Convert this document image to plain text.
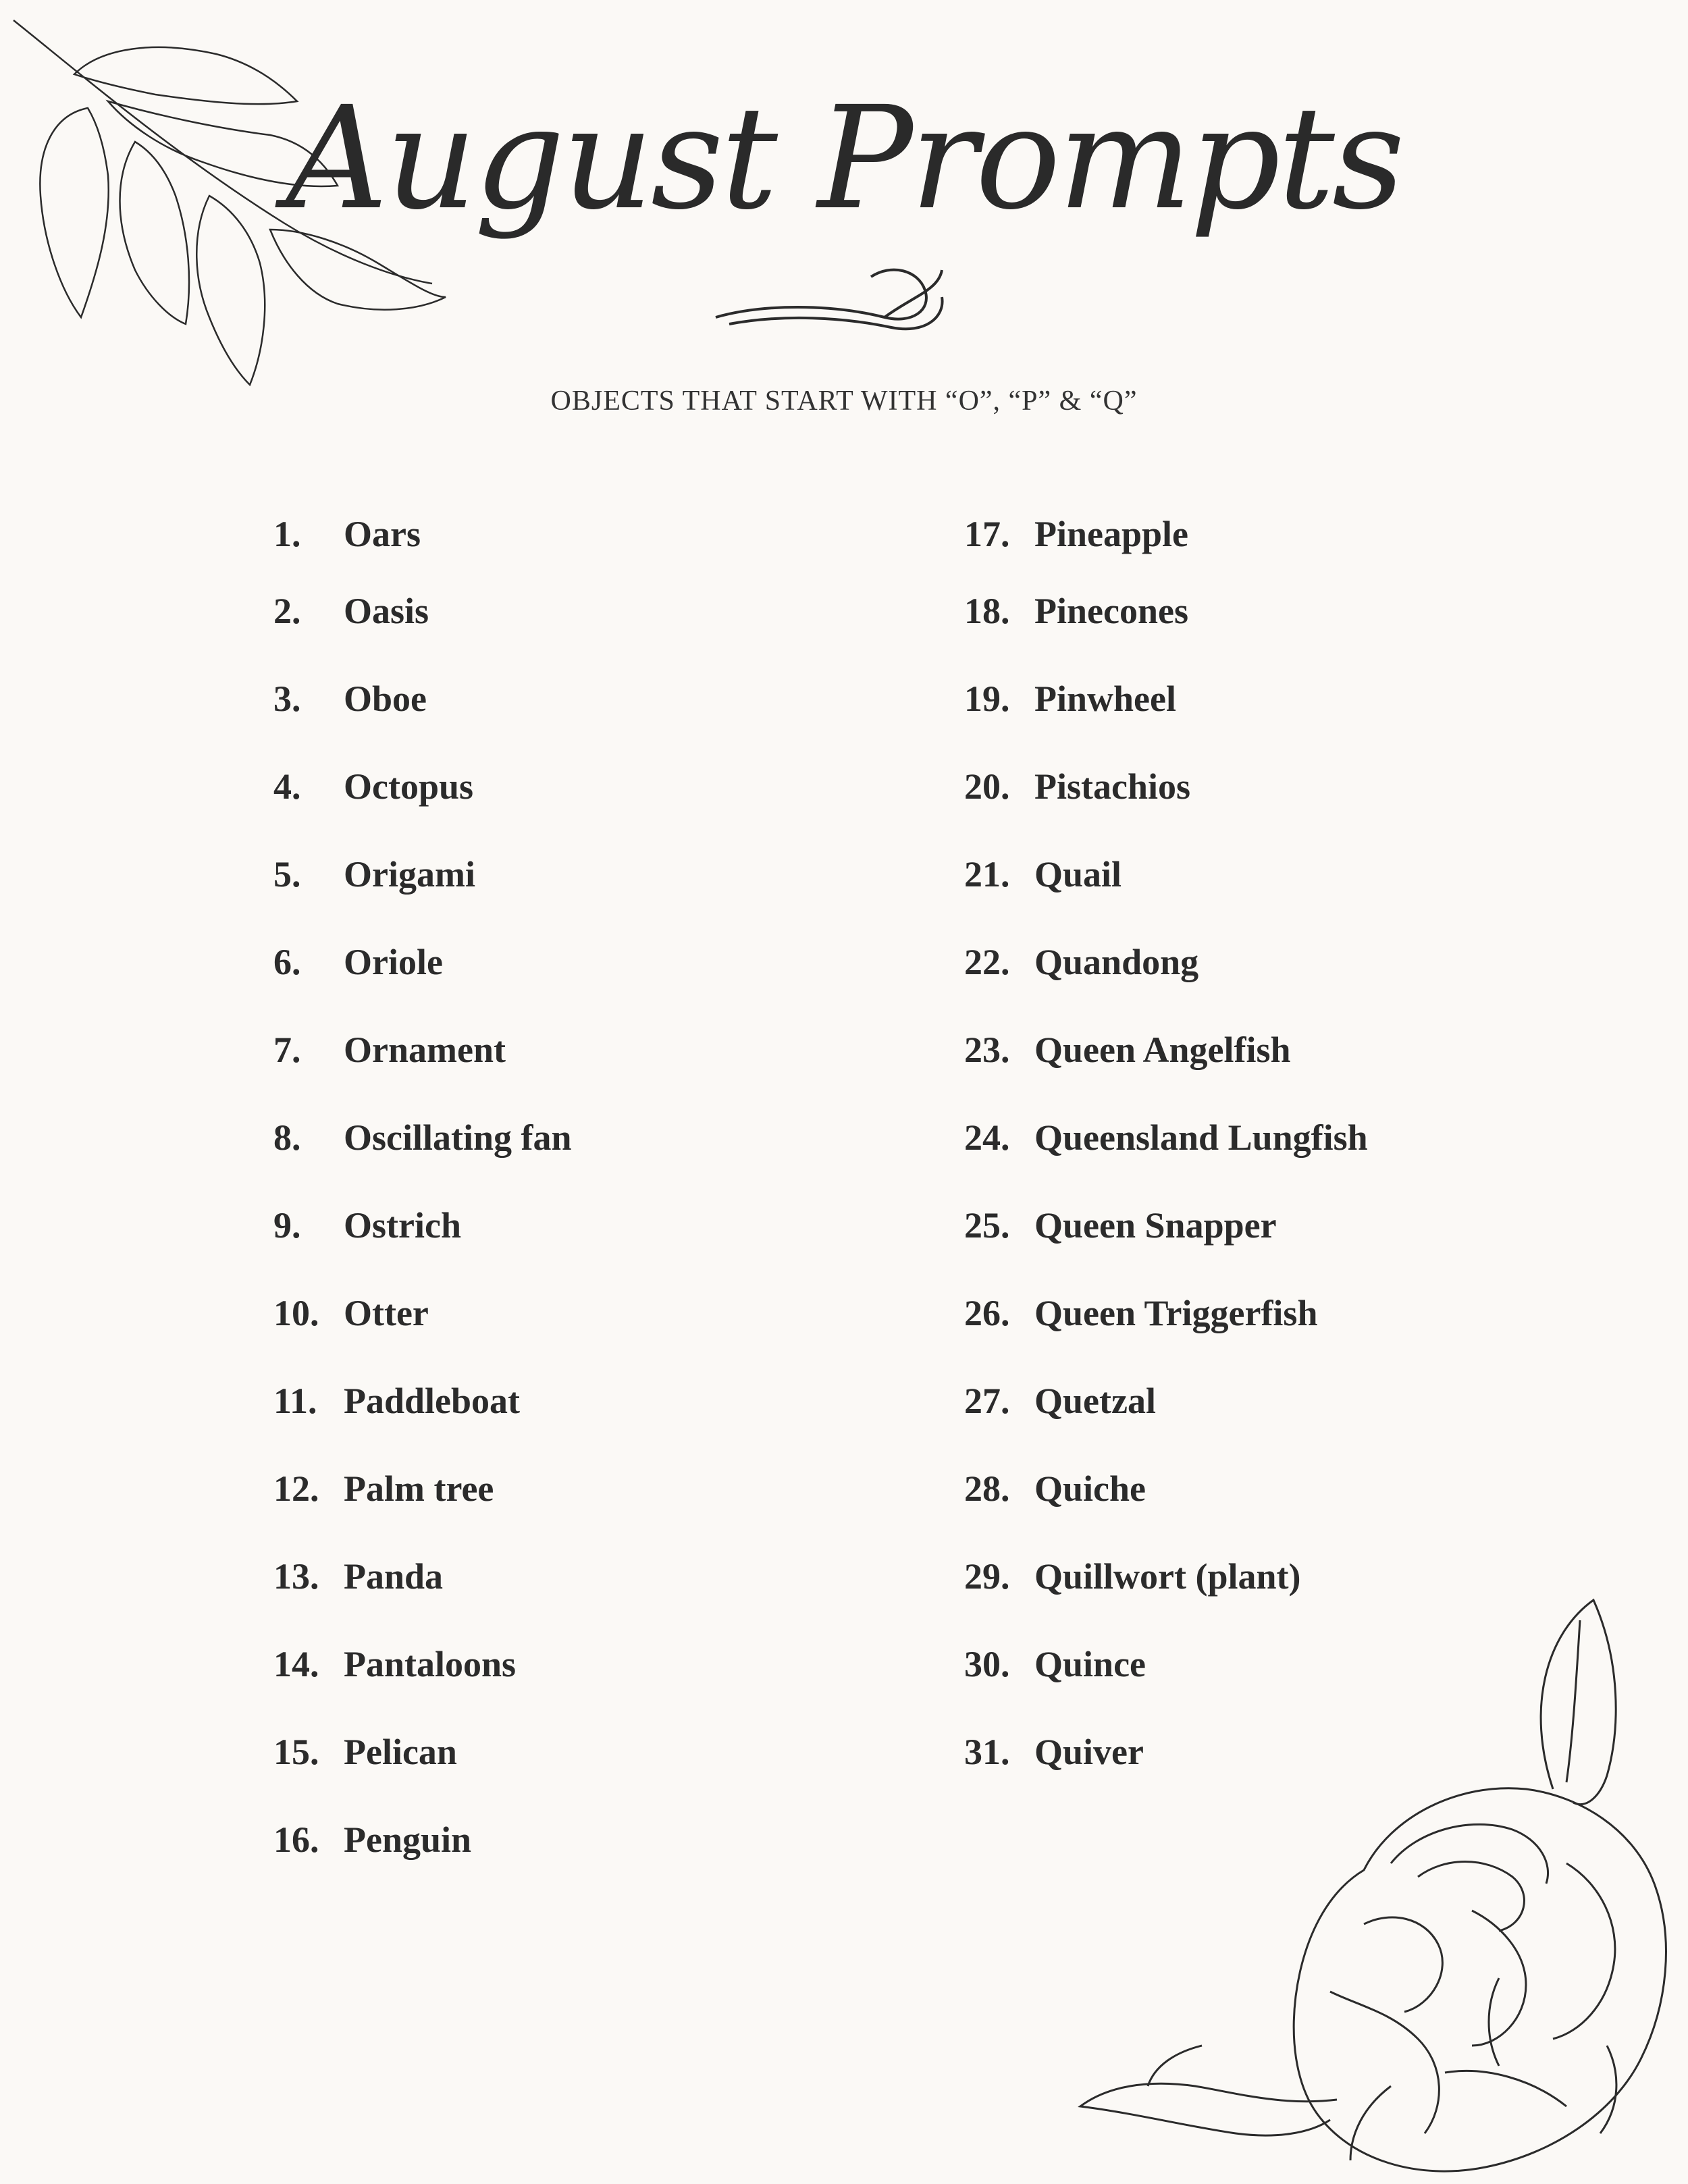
August Prompts
OBJECTS THAT START WITH “O”, “P” & “Q”
1.	Oars
2.	Oasis
3.	Oboe
4.	Octopus
5.	Origami
6.	Oriole
7.	Ornament
8.	Oscillating fan
9.	Ostrich
10. Otter
11. Paddleboat
12. Palm tree
13. Panda
14. Pantaloons
15. Pelican
16. Penguin
17. Pineapple
18. Pinecones
19. Pinwheel
20. Pistachios
21. Quail
22. Quandong
23. Queen Angelfish
24. Queensland Lungfish
25. Queen Snapper
26. Queen Triggerfish
27. Quetzal
28. Quiche
29. Quillwort (plant)
30. Quince
31. Quiver
